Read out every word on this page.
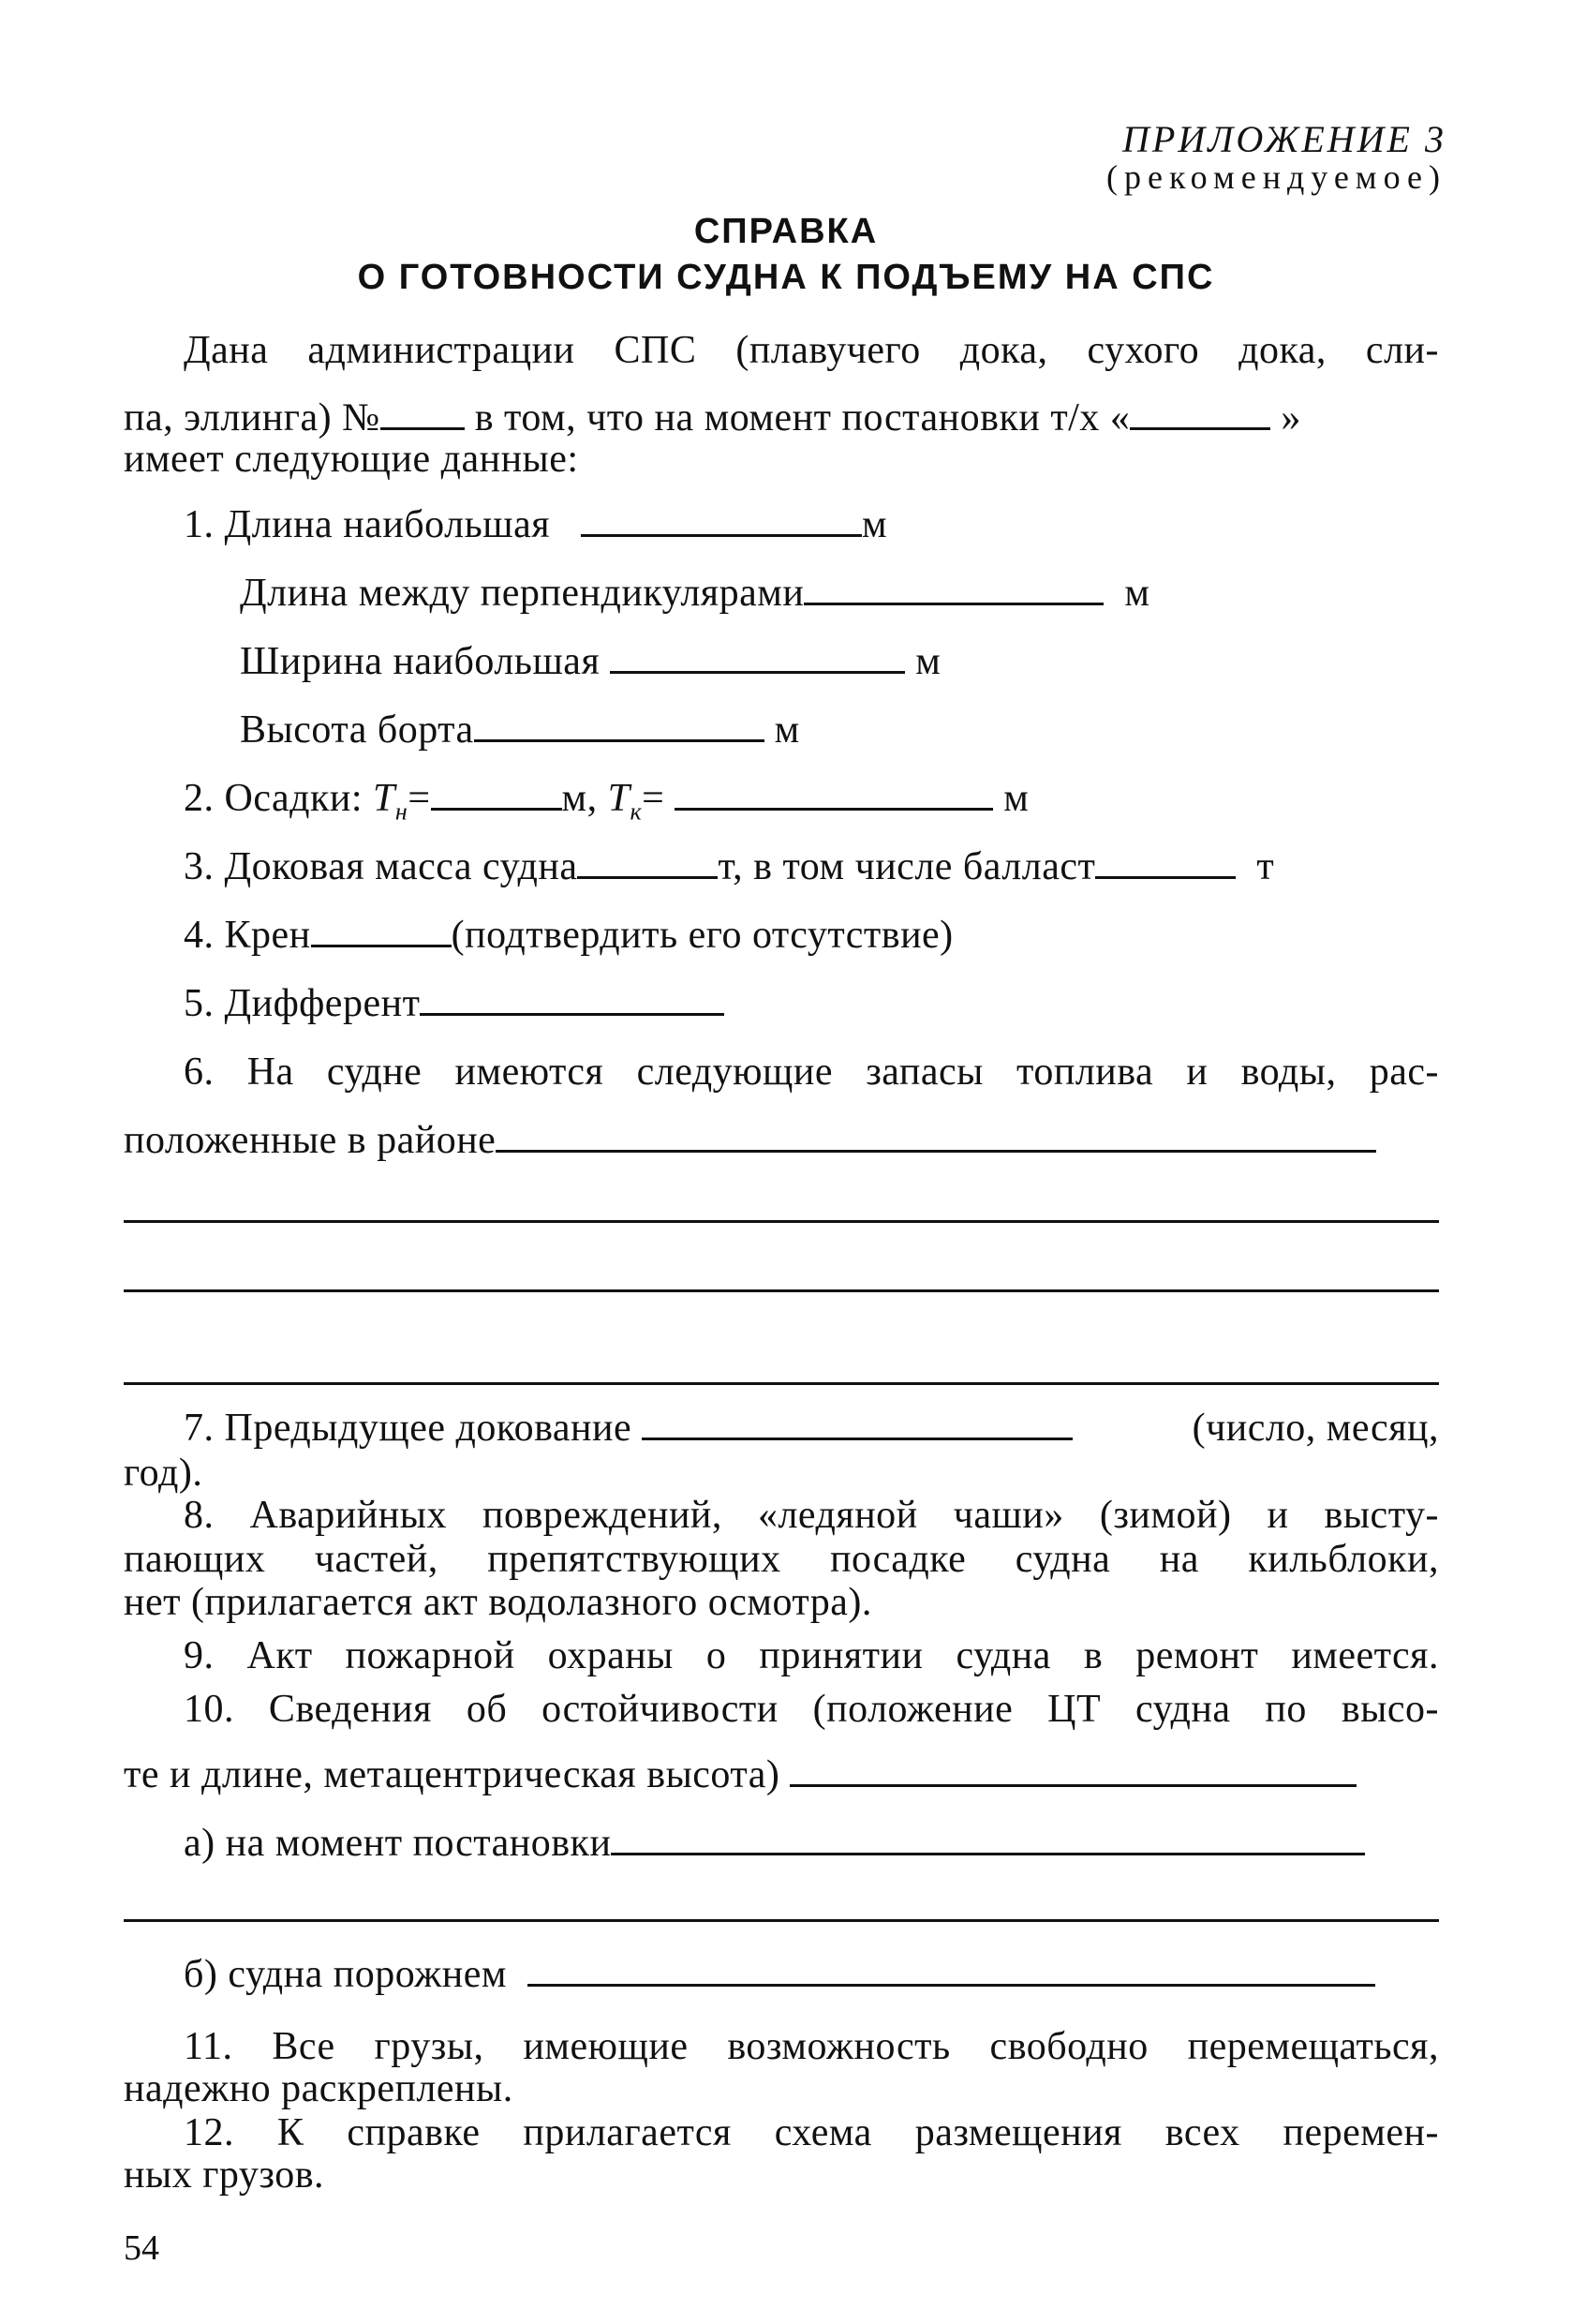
ПРИЛОЖЕНИЕ 3
(рекомендуемое)
СПРАВКА
О ГОТОВНОСТИ СУДНА К ПОДЪЕМУ НА СПС
Дана администрации СПС (плавучего дока, сухого дока, сли-
па, эллинга) № в том, что на момент постановки т/х «	»
имеет следующие данные:
1. Длина наибольшая	м
Длина между перпендикулярами	м
Ширина наибольшая	м
Высота борта	м
2. Осадки: $T_н=$	м, $T_к=$	м
3. Доковая масса судна	т, в том числе балласт	т
4. Крен	(подтвердить его отсутствие)
5. Дифферент
6. На судне имеются следующие запасы топлива и воды, рас-
положенные в районе
7. Предыдущее докование	(число, месяц,
год).
8. Аварийных повреждений, «ледяной чаши» (зимой) и высту-
пающих частей, препятствующих посадке судна на кильблоки,
нет (прилагается акт водолазного осмотра).
9. Акт пожарной охраны о принятии судна в ремонт имеется.
10. Сведения об остойчивости (положение ЦТ судна по высо-
те и длине, метацентрическая высота)
а) на момент постановки
б) судна порожнем
11. Все грузы, имеющие возможность свободно перемещаться,
надежно раскреплены.
12. К справке прилагается схема размещения всех перемен-
ных грузов.
54
